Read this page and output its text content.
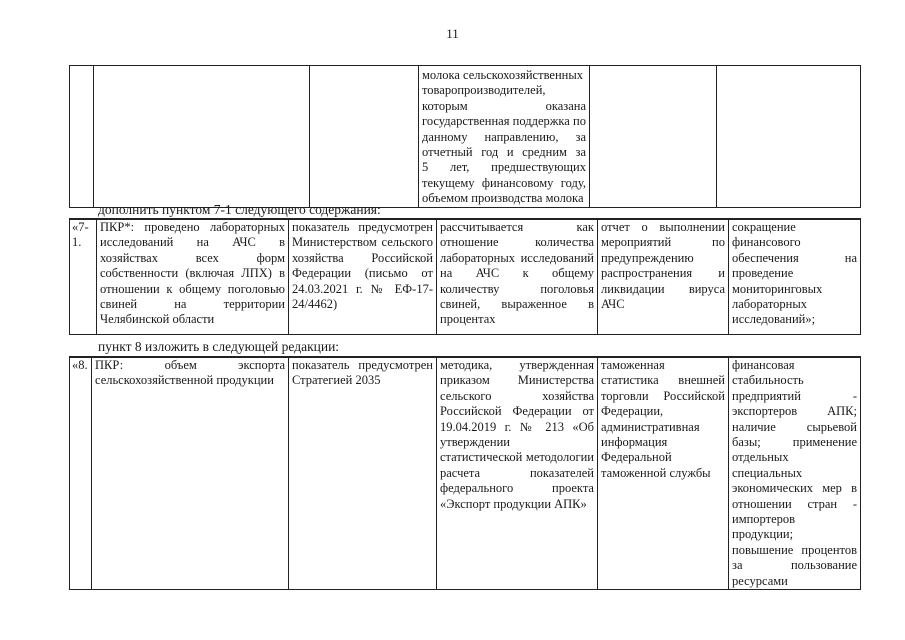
11

молока сельскохозяйственных
товаропроизводителей,
которым оказана
государственная поддержка по
данному направлению, за
отчетный год и средним за
5 лет, предшествующих
текущему финансовому году,
объемом производства молока

дополнить пунктом 7-1 следующего содержания:
«7-1.	ПКР*: проведено лабораторных исследований на АЧС в хозяйствах всех форм собственности (включая ЛПХ) в отношении к общему поголовью свиней на территории Челябинской области	показатель предусмотрен Министерством сельского хозяйства Российской Федерации (письмо от 24.03.2021 г. № ЕФ-17-24/4462)	рассчитывается как отношение количества лабораторных исследований на АЧС к общему количеству поголовья свиней, выраженное в процентах	отчет о выполнении мероприятий по предупреждению распространения и ликвидации вируса АЧС	сокращение финансового обеспечения на проведение мониторинговых лабораторных исследований»;
пункт 8 изложить в следующей редакции:
«8.	ПКР: объем экспорта сельскохозяйственной продукции	показатель предусмотрен Стратегией 2035	методика, утвержденная приказом Министерства сельского хозяйства Российской Федерации от 19.04.2019 г. № 213 «Об утверждении статистической методологии расчета показателей федерального проекта «Экспорт продукции АПК»	таможенная статистика внешней торговли Российской Федерации, административная информация Федеральной таможенной службы	финансовая стабильность предприятий - экспортеров АПК; наличие сырьевой базы; применение отдельных специальных экономических мер в отношении стран - импортеров продукции; повышение процентов за пользование ресурсами
